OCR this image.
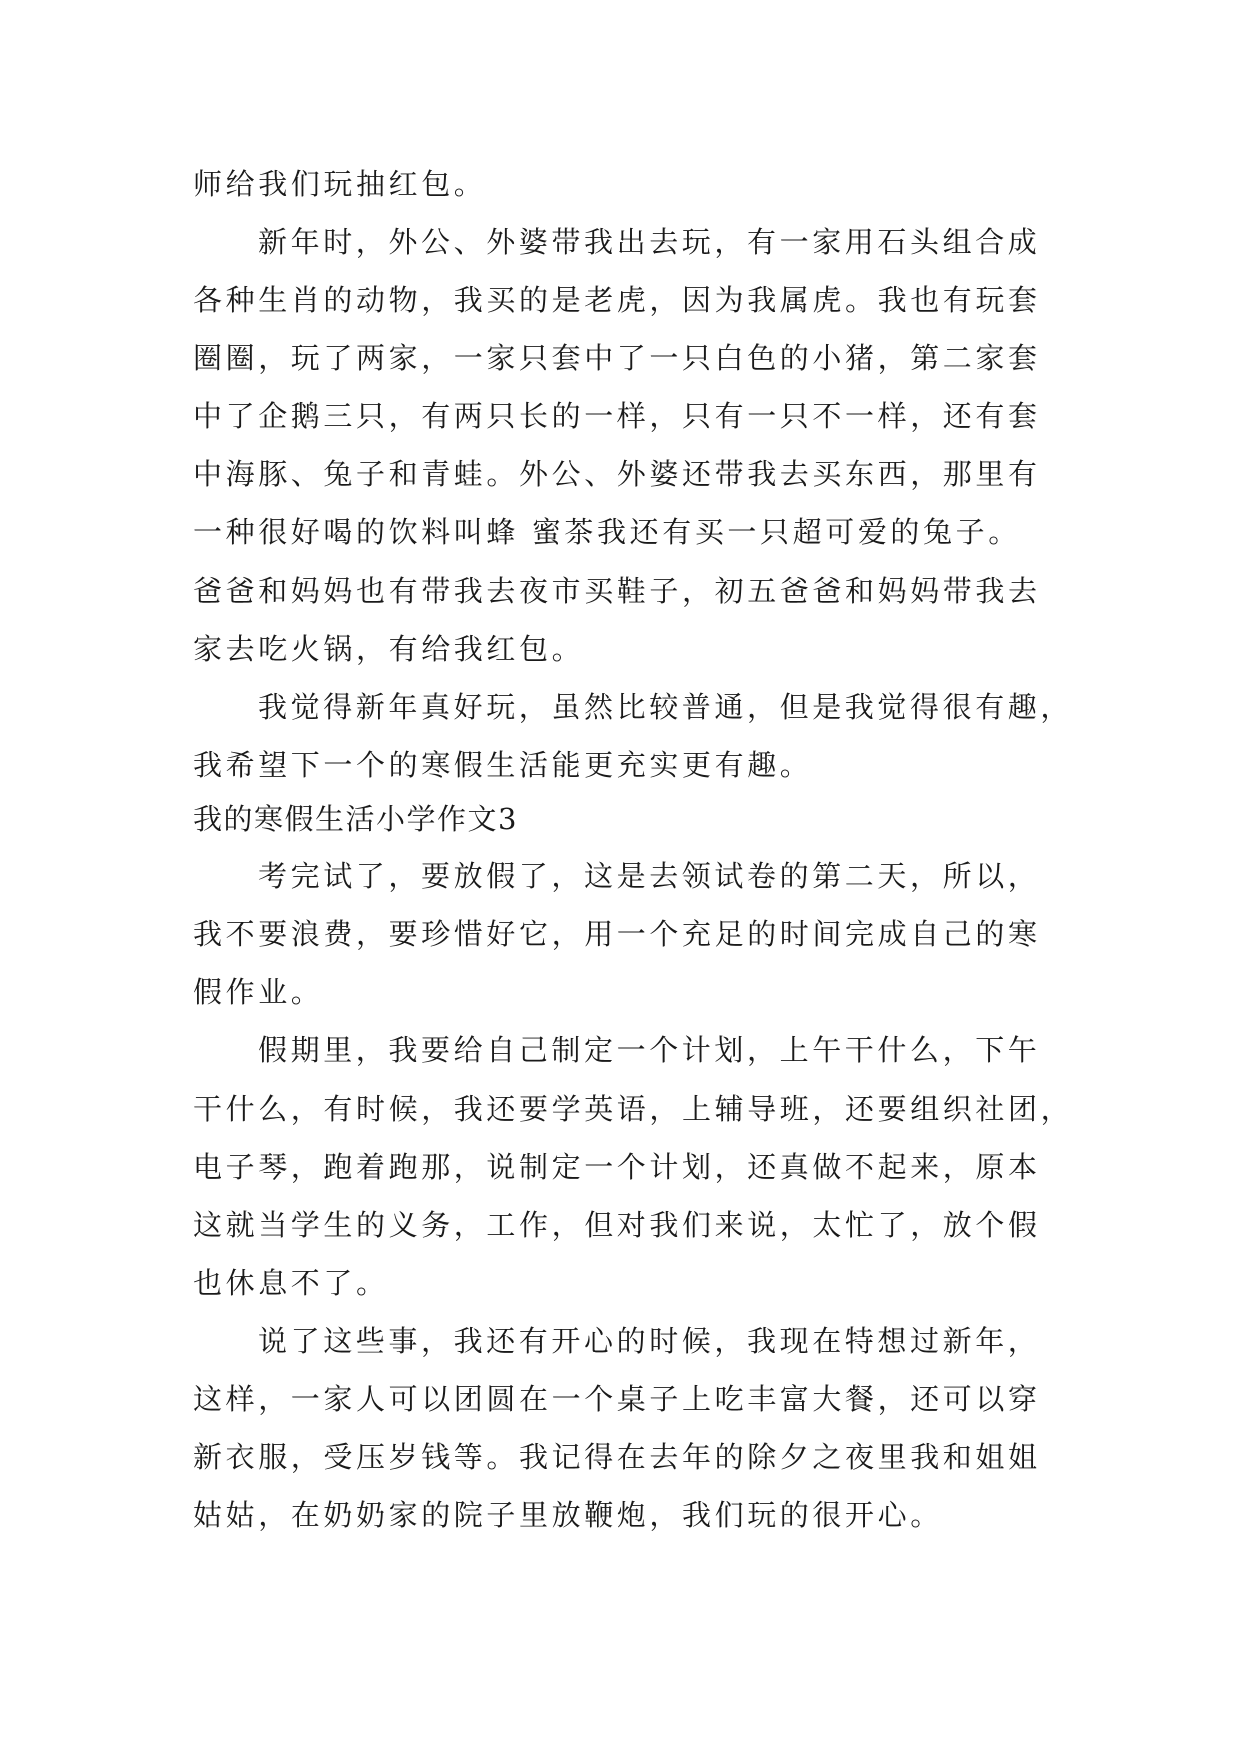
师给我们玩抽红包。
新年时，外公、外婆带我出去玩，有一家用石头组合成
各种生肖的动物，我买的是老虎，因为我属虎。我也有玩套
圈圈，玩了两家，一家只套中了一只白色的小猪，第二家套
中了企鹅三只，有两只长的一样，只有一只不一样，还有套
中海豚、兔子和青蛙。外公、外婆还带我去买东西，那里有
一种很好喝的饮料叫蜂 蜜茶我还有买一只超可爱的兔子。
爸爸和妈妈也有带我去夜市买鞋子，初五爸爸和妈妈带我去
家去吃火锅，有给我红包。
我觉得新年真好玩，虽然比较普通，但是我觉得很有趣，
我希望下一个的寒假生活能更充实更有趣。
我的寒假生活小学作文3
考完试了，要放假了，这是去领试卷的第二天，所以，
我不要浪费，要珍惜好它，用一个充足的时间完成自己的寒
假作业。
假期里，我要给自己制定一个计划，上午干什么，下午
干什么，有时候，我还要学英语，上辅导班，还要组织社团，
电子琴，跑着跑那，说制定一个计划，还真做不起来，原本
这就当学生的义务，工作，但对我们来说，太忙了，放个假
也休息不了。
说了这些事，我还有开心的时候，我现在特想过新年，
这样，一家人可以团圆在一个桌子上吃丰富大餐，还可以穿
新衣服，受压岁钱等。我记得在去年的除夕之夜里我和姐姐
姑姑，在奶奶家的院子里放鞭炮，我们玩的很开心。
